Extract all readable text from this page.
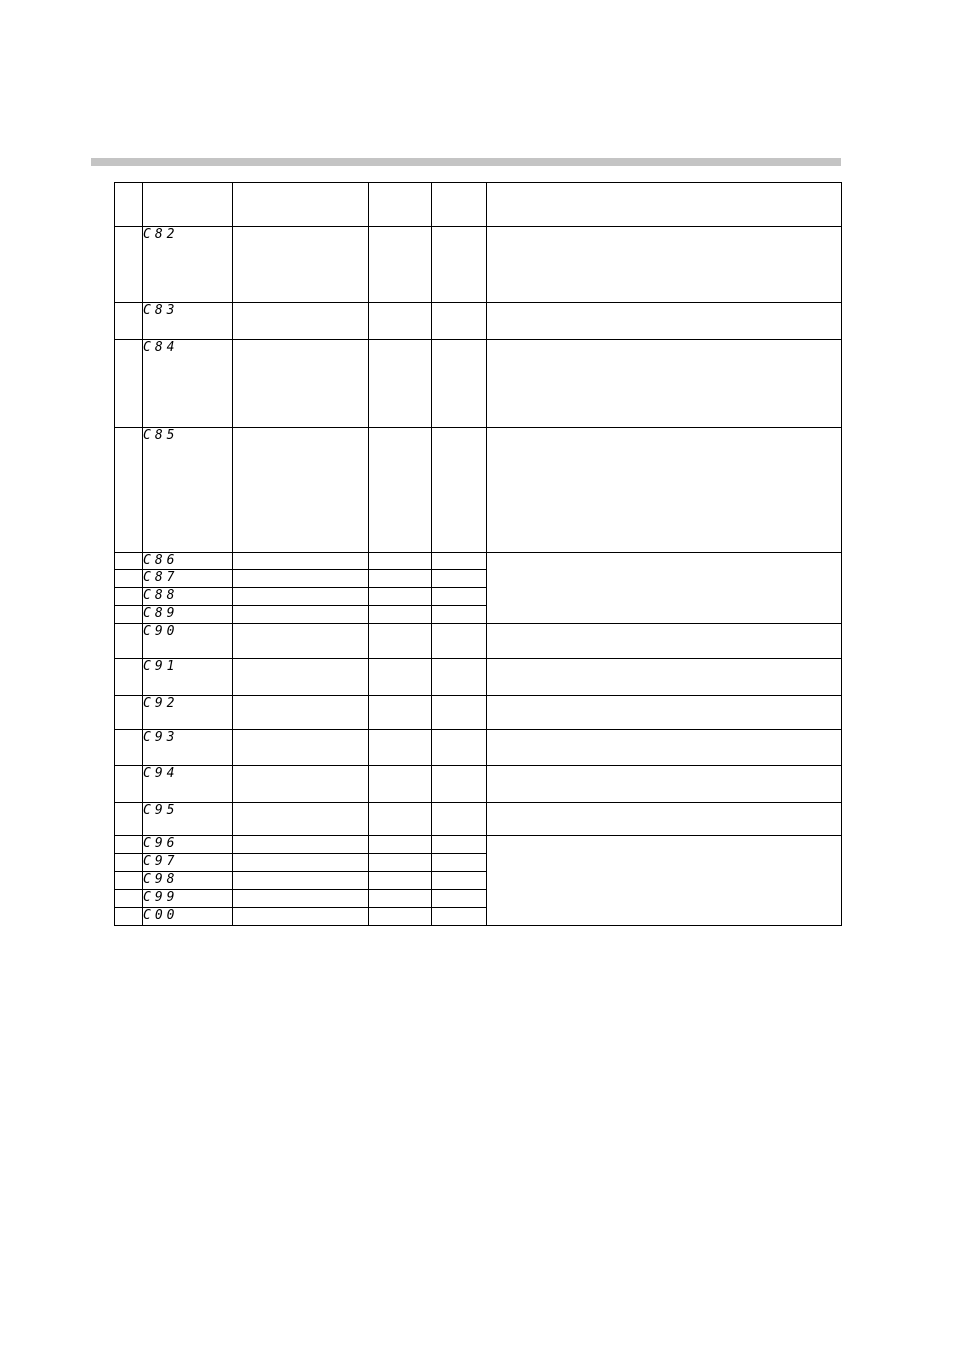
	C82				
	C83				
	C84				
	C85				
	C86				
	C87				
	C88				
	C89				
	C90				
	C91				
	C92				
	C93				
	C94				
	C95				
	C96				
	C97				
	C98				
	C99				
	C00				
